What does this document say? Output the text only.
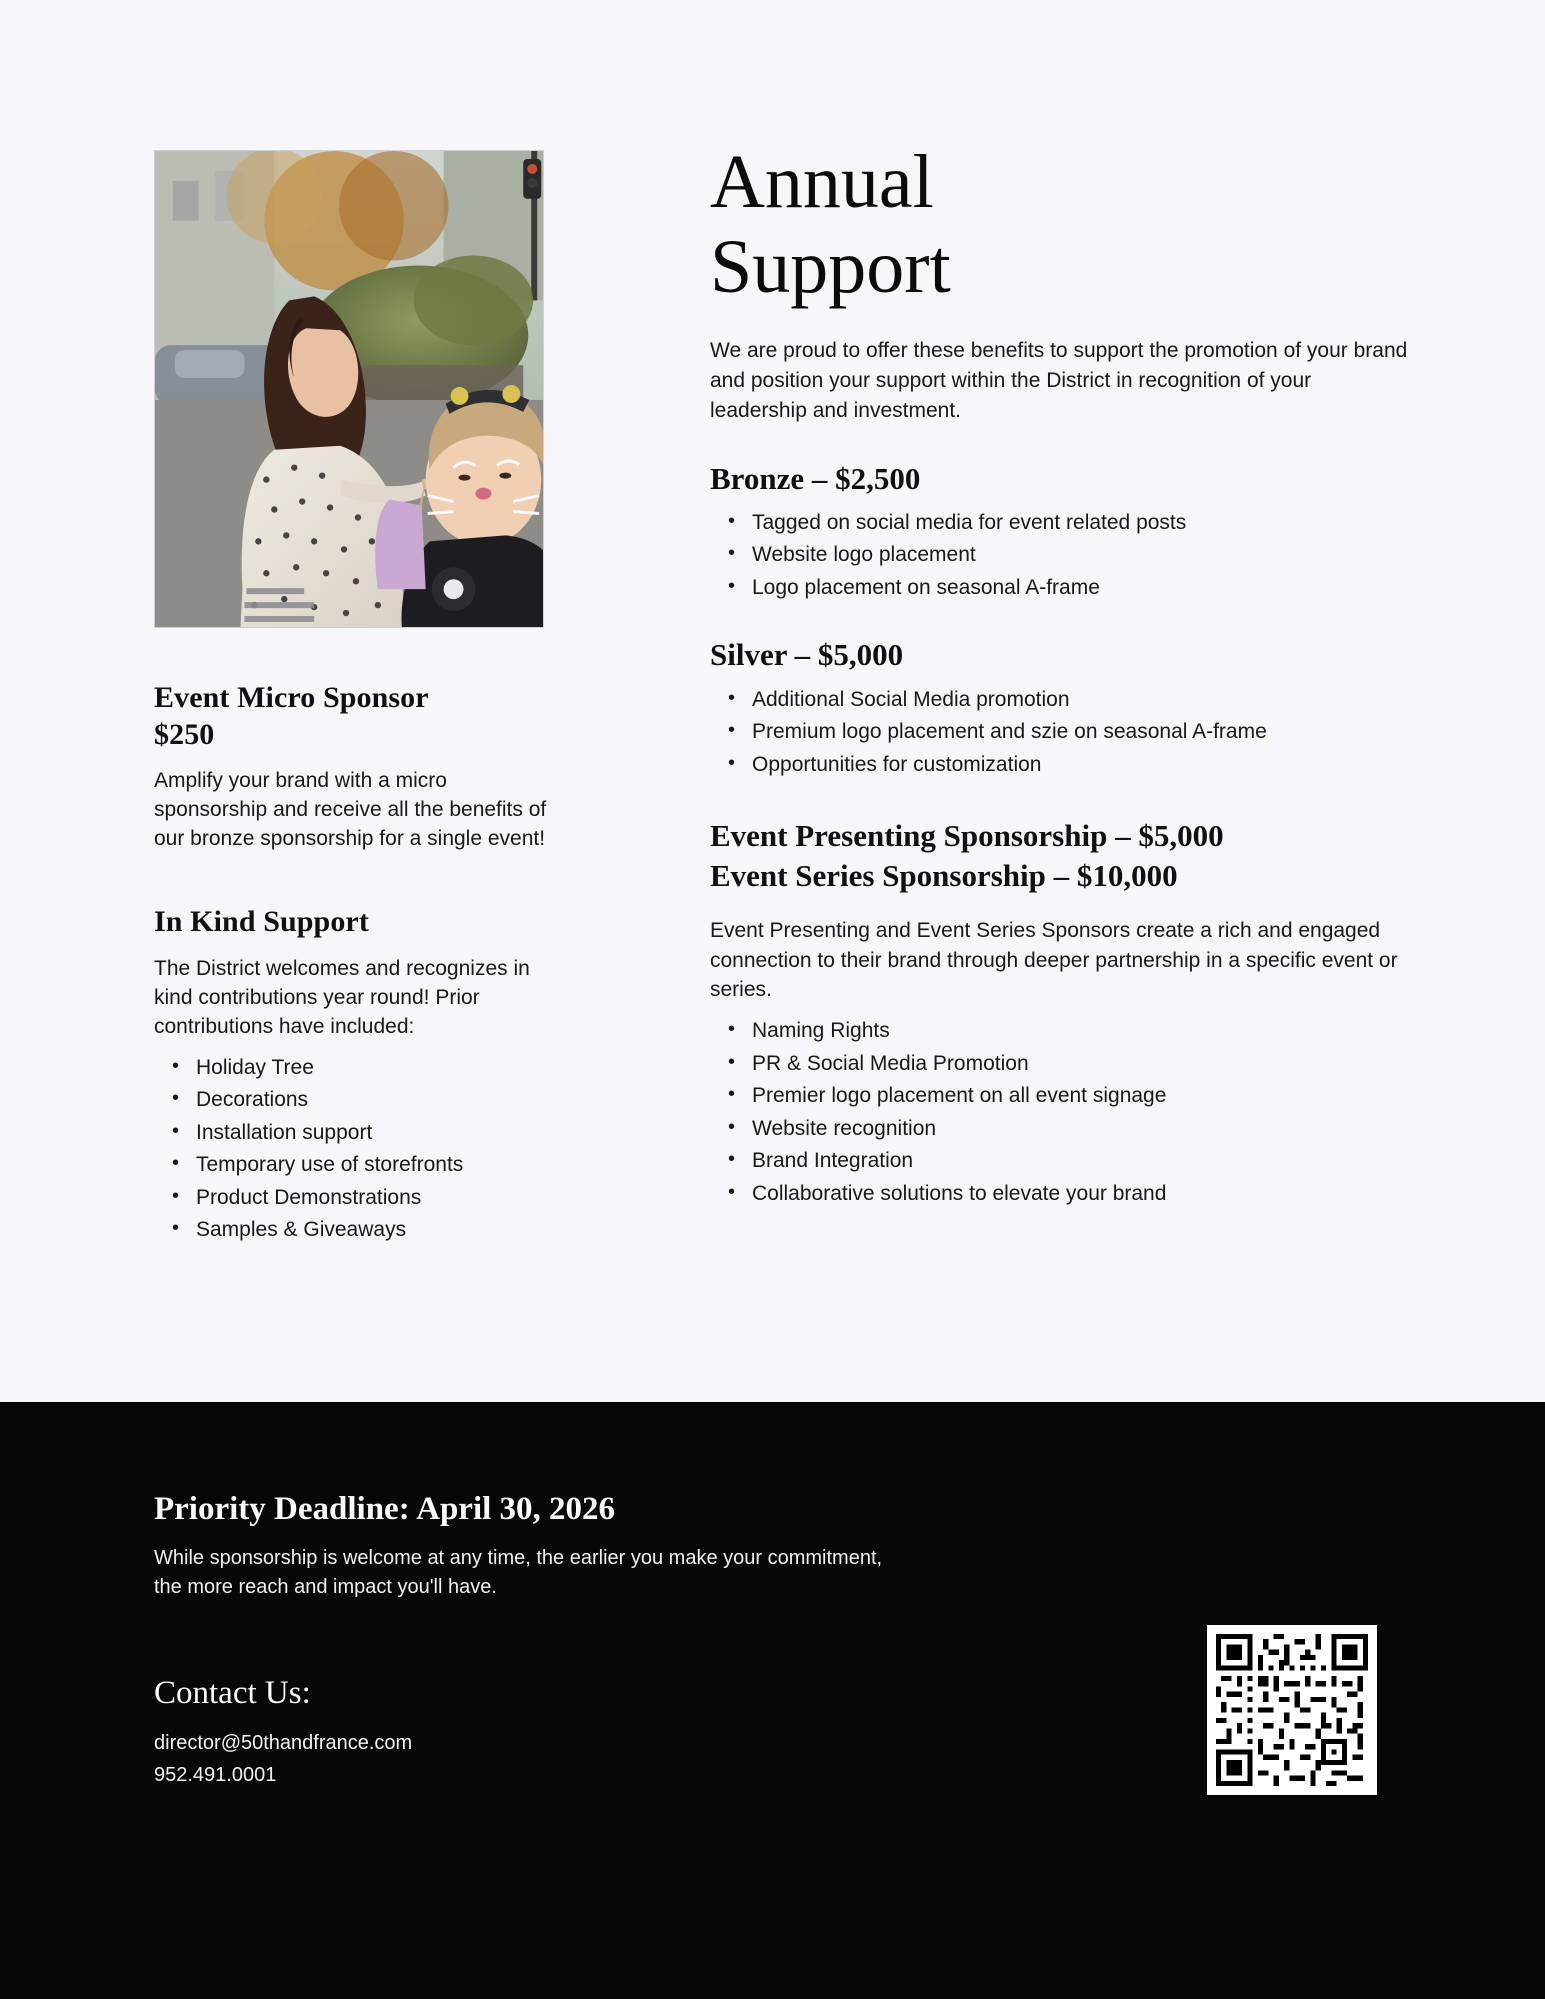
Event Micro Sponsor
$250

Amplify your brand with a micro sponsorship and receive all the benefits of our bronze sponsorship for a single event!

In Kind Support

The District welcomes and recognizes in kind contributions year round! Prior contributions have included:

• Holiday Tree
• Decorations
• Installation support
• Temporary use of storefronts
• Product Demonstrations
• Samples & Giveaways
Annual
Support

We are proud to offer these benefits to support the promotion of your brand and position your support within the District in recognition of your leadership and investment.

Bronze – $2,500
• Tagged on social media for event related posts
• Website logo placement
• Logo placement on seasonal A-frame
Silver – $5,000
• Additional Social Media promotion
• Premium logo placement and szie on seasonal A-frame
• Opportunities for customization
Event Presenting Sponsorship – $5,000
Event Series Sponsorship – $10,000

Event Presenting and Event Series Sponsors create a rich and engaged connection to their brand through deeper partnership in a specific event or series.

• Naming Rights
• PR & Social Media Promotion
• Premier logo placement on all event signage
• Website recognition
• Brand Integration
• Collaborative solutions to elevate your brand
Priority Deadline: April 30, 2026

While sponsorship is welcome at any time, the earlier you make your commitment, the more reach and impact you'll have.

Contact Us:

director@50thandfrance.com

952.491.0001
